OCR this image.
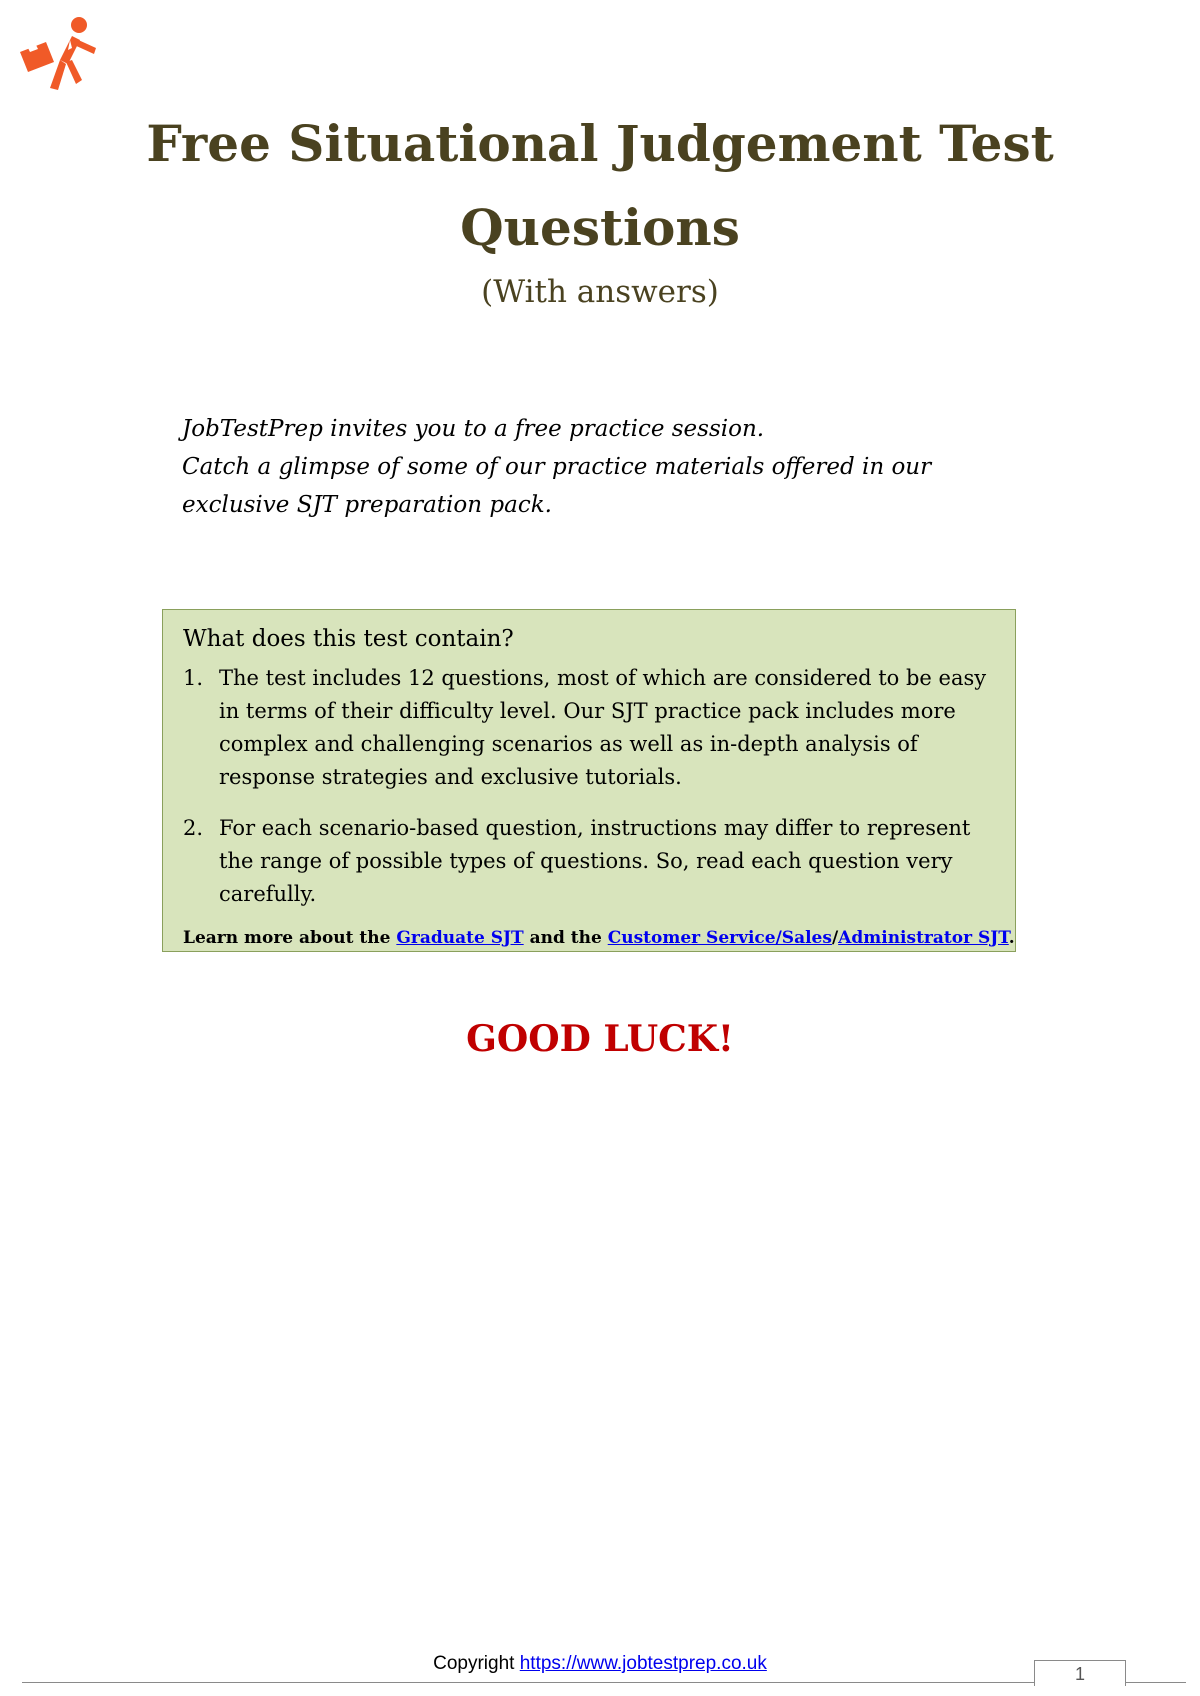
Free Situational Judgement Test Questions
(With answers)

JobTestPrep invites you to a free practice session.

Catch a glimpse of some of our practice materials offered in our

exclusive SJT preparation pack.

What does this test contain?
1. The test includes 12 questions, most of which are considered to be easy in terms of their difficulty level. Our SJT practice pack includes more complex and challenging scenarios as well as in-depth analysis of response strategies and exclusive tutorials.
2. For each scenario-based question, instructions may differ to represent the range of possible types of questions. So, read each question very carefully.
Learn more about the Graduate SJT and the Customer Service/Sales/Administrator SJT.
GOOD LUCK!
Copyright https://www.jobtestprep.co.uk	1
